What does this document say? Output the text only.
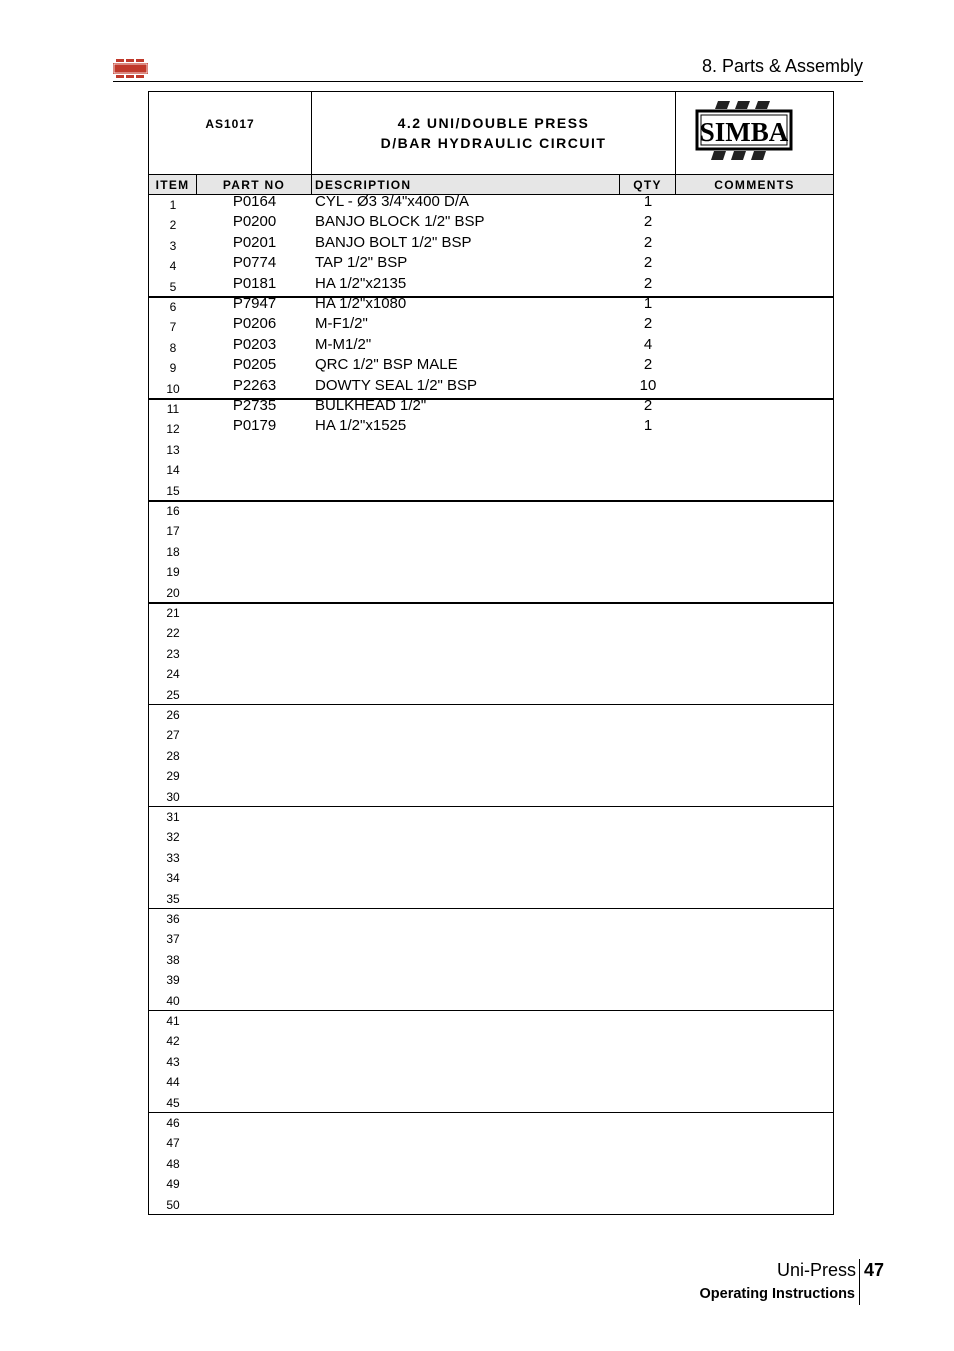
8. Parts & Assembly
AS1017	4.2 UNI/DOUBLE PRESS
D/BAR HYDRAULIC CIRCUIT	SIMBA
ITEM	PART NO	DESCRIPTION	QTY	COMMENTS
1	P0164	CYL - Ø3 3/4"x400 D/A	1
2	P0200	BANJO BLOCK 1/2" BSP	2
3	P0201	BANJO BOLT 1/2" BSP	2
4	P0774	TAP 1/2" BSP	2
5	P0181	HA 1/2"x2135	2
6	P7947	HA 1/2"x1080	1
7	P0206	M-F1/2"	2
8	P0203	M-M1/2"	4
9	P0205	QRC 1/2" BSP MALE	2
10	P2263	DOWTY SEAL 1/2" BSP	10
11	P2735	BULKHEAD 1/2"	2
12	P0179	HA 1/2"x1525	1
13
14
15
16
17
18
19
20
21
22
23
24
25
26
27
28
29
30
31
32
33
34
35
36
37
38
39
40
41
42
43
44
45
46
47
48
49
50
Uni-Press 47
Operating Instructions
